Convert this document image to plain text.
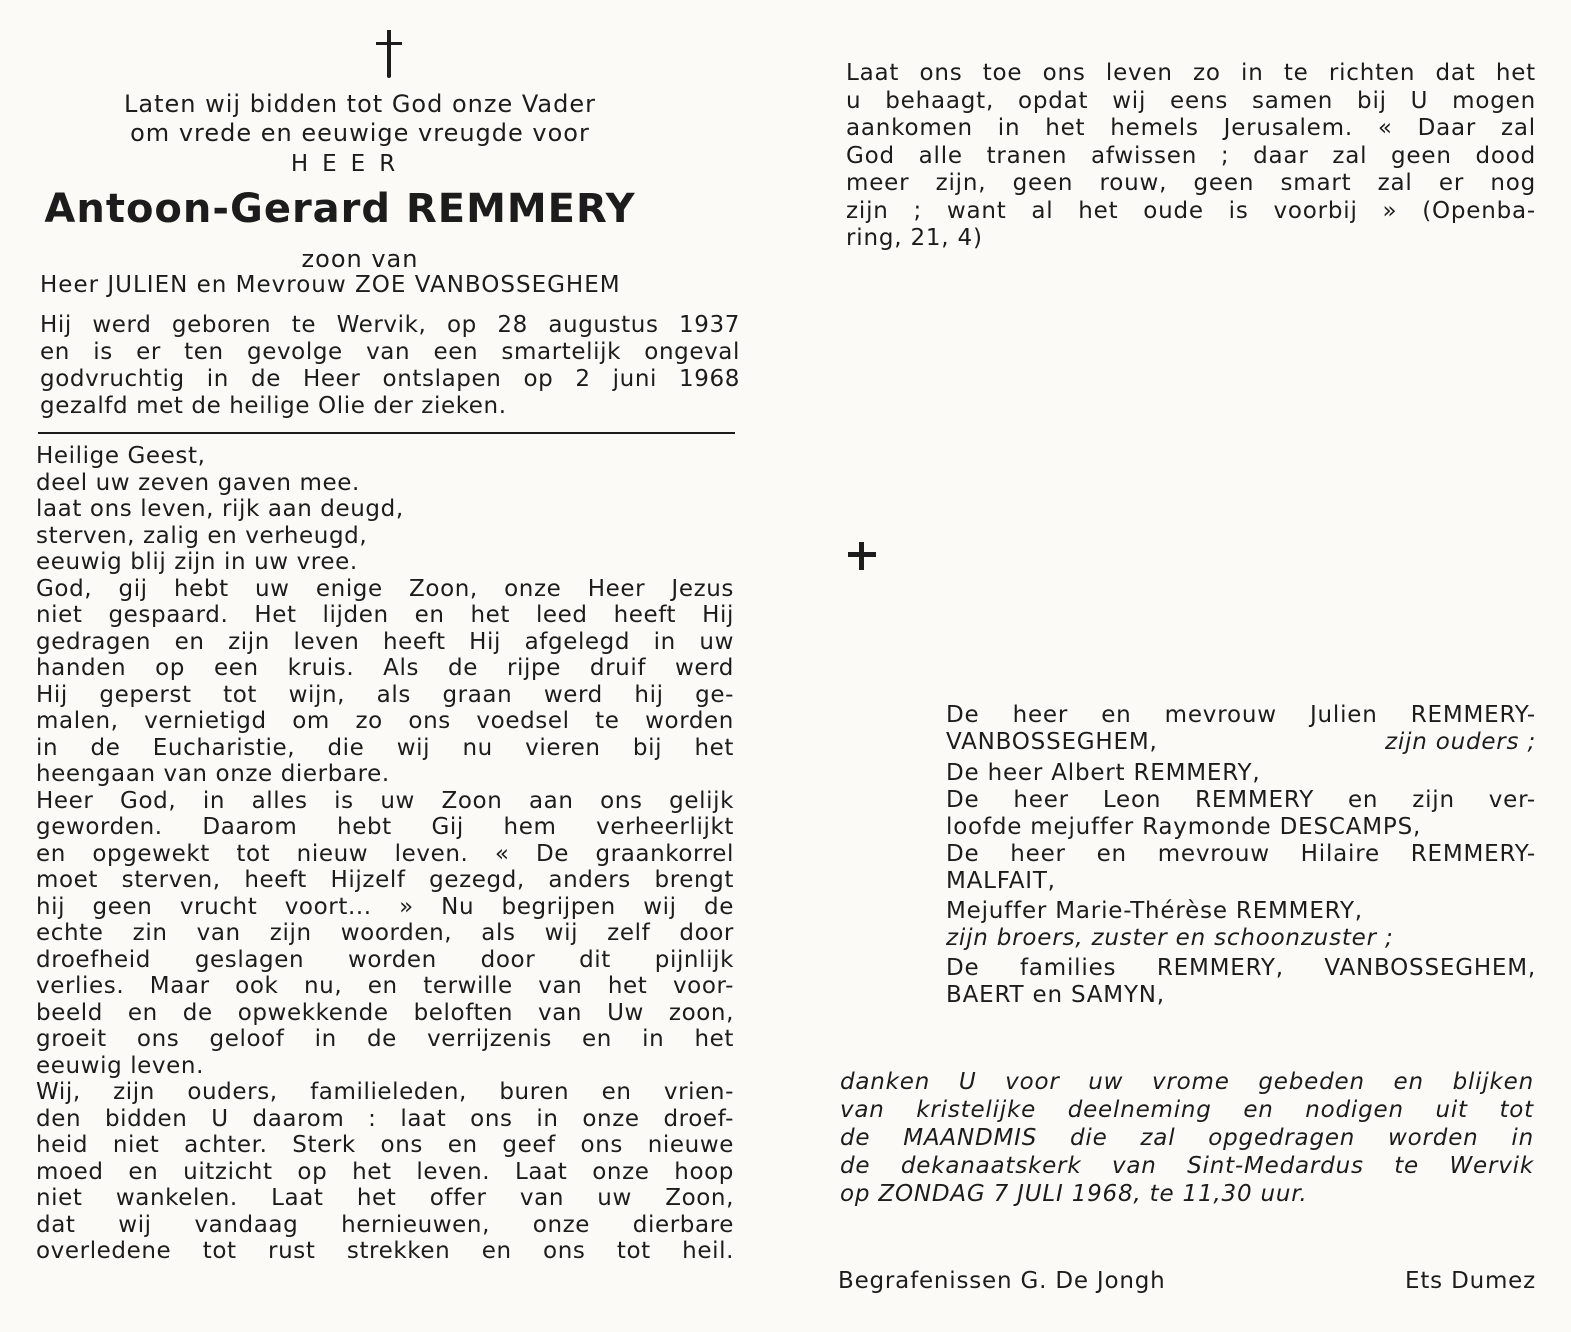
Laten wij bidden tot God onze Vader
om vrede en eeuwige vreugde voor
HEER
Antoon-Gerard REMMERY
zoon van
Heer JULIEN en Mevrouw ZOE VANBOSSEGHEM

Hij werd geboren te Wervik, op 28 augustus 1937

en is er ten gevolge van een smartelijk ongeval

godvruchtig in de Heer ontslapen op 2 juni 1968

gezalfd met de heilige Olie der zieken.

Heilige Geest,
deel uw zeven gaven mee.
laat ons leven, rijk aan deugd,
sterven, zalig en verheugd,
eeuwig blij zijn in uw vree.
God, gij hebt uw enige Zoon, onze Heer Jezus
niet gespaard. Het lijden en het leed heeft Hij
gedragen en zijn leven heeft Hij afgelegd in uw
handen op een kruis. Als de rijpe druif werd
Hij geperst tot wijn, als graan werd hij ge-
malen, vernietigd om zo ons voedsel te worden
in de Eucharistie, die wij nu vieren bij het
heengaan van onze dierbare.
Heer God, in alles is uw Zoon aan ons gelijk
geworden. Daarom hebt Gij hem verheerlijkt
en opgewekt tot nieuw leven. « De graankorrel
moet sterven, heeft Hijzelf gezegd, anders brengt
hij geen vrucht voort... » Nu begrijpen wij de
echte zin van zijn woorden, als wij zelf door
droefheid geslagen worden door dit pijnlijk
verlies. Maar ook nu, en terwille van het voor-
beeld en de opwekkende beloften van Uw zoon,
groeit ons geloof in de verrijzenis en in het
eeuwig leven.
Wij, zijn ouders, familieleden, buren en vrien-
den bidden U daarom : laat ons in onze droef-
heid niet achter. Sterk ons en geef ons nieuwe
moed en uitzicht op het leven. Laat onze hoop
niet wankelen. Laat het offer van uw Zoon,
dat wij vandaag hernieuwen, onze dierbare
overledene tot rust strekken en ons tot heil.
Laat ons toe ons leven zo in te richten dat het
u behaagt, opdat wij eens samen bij U mogen
aankomen in het hemels Jerusalem. « Daar zal
God alle tranen afwissen ; daar zal geen dood
meer zijn, geen rouw, geen smart zal er nog
zijn ; want al het oude is voorbij » (Openba-
ring, 21, 4)
De heer en mevrouw Julien REMMERY-
VANBOSSEGHEM,	zijn ouders ;
De heer Albert REMMERY,
De heer Leon REMMERY en zijn ver-
loofde mejuffer Raymonde DESCAMPS,
De heer en mevrouw Hilaire REMMERY-
MALFAIT,
Mejuffer Marie-Thérèse REMMERY,
zijn broers, zuster en schoonzuster ;
De families REMMERY, VANBOSSEGHEM,
BAERT en SAMYN,
danken U voor uw vrome gebeden en blijken
van kristelijke deelneming en nodigen uit tot
de MAANDMIS die zal opgedragen worden in
de dekanaatskerk van Sint-Medardus te Wervik
op ZONDAG 7 JULI 1968, te 11,30 uur.
Begrafenissen G. De Jongh	Ets Dumez
